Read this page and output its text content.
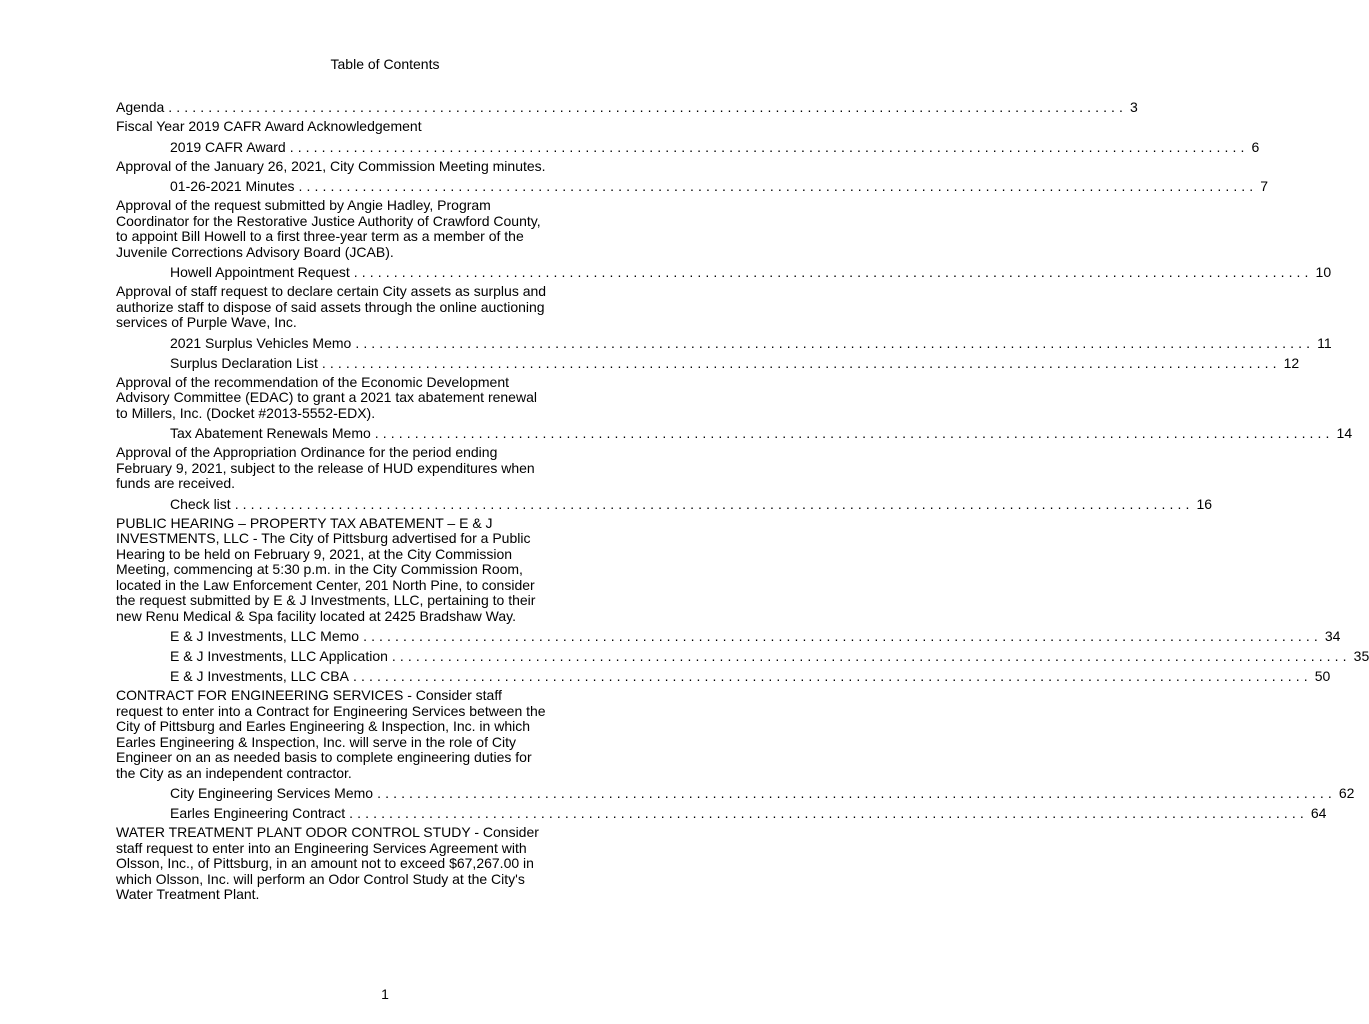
Table of Contents
Agenda ........................................................................................................................ 3
Fiscal Year 2019 CAFR Award Acknowledgement
2019 CAFR Award ........................................................................................................................ 6
Approval of the January 26, 2021, City Commission Meeting minutes.
01-26-2021 Minutes ........................................................................................................................ 7
Approval of the request submitted by Angie Hadley, Program Coordinator for the Restorative Justice Authority of Crawford County, to appoint Bill Howell to a first three-year term as a member of the Juvenile Corrections Advisory Board (JCAB).
Howell Appointment Request ........................................................................................................................ 10
Approval of staff request to declare certain City assets as surplus and authorize staff to dispose of said assets through the online auctioning services of Purple Wave, Inc.
2021 Surplus Vehicles Memo ........................................................................................................................ 11
Surplus Declaration List ........................................................................................................................ 12
Approval of the recommendation of the Economic Development Advisory Committee (EDAC) to grant a 2021 tax abatement renewal to Millers, Inc. (Docket #2013-5552-EDX).
Tax Abatement Renewals Memo ........................................................................................................................ 14
Approval of the Appropriation Ordinance for the period ending February 9, 2021, subject to the release of HUD expenditures when funds are received.
Check list ........................................................................................................................ 16
PUBLIC HEARING – PROPERTY TAX ABATEMENT – E & J INVESTMENTS, LLC - The City of Pittsburg advertised for a Public Hearing to be held on February 9, 2021, at the City Commission Meeting, commencing at 5:30 p.m. in the City Commission Room, located in the Law Enforcement Center, 201 North Pine, to consider the request submitted by E & J Investments, LLC, pertaining to their new Renu Medical & Spa facility located at 2425 Bradshaw Way.
E & J Investments, LLC Memo ........................................................................................................................ 34
E & J Investments, LLC Application ........................................................................................................................ 35
E & J Investments, LLC CBA ........................................................................................................................ 50
CONTRACT FOR ENGINEERING SERVICES - Consider staff request to enter into a Contract for Engineering Services between the City of Pittsburg and Earles Engineering & Inspection, Inc. in which Earles Engineering & Inspection, Inc. will serve in the role of City Engineer on an as needed basis to complete engineering duties for the City as an independent contractor.
City Engineering Services Memo ........................................................................................................................ 62
Earles Engineering Contract ........................................................................................................................ 64
WATER TREATMENT PLANT ODOR CONTROL STUDY - Consider staff request to enter into an Engineering Services Agreement with Olsson, Inc., of Pittsburg, in an amount not to exceed $67,267.00 in which Olsson, Inc. will perform an Odor Control Study at the City's Water Treatment Plant.
1
